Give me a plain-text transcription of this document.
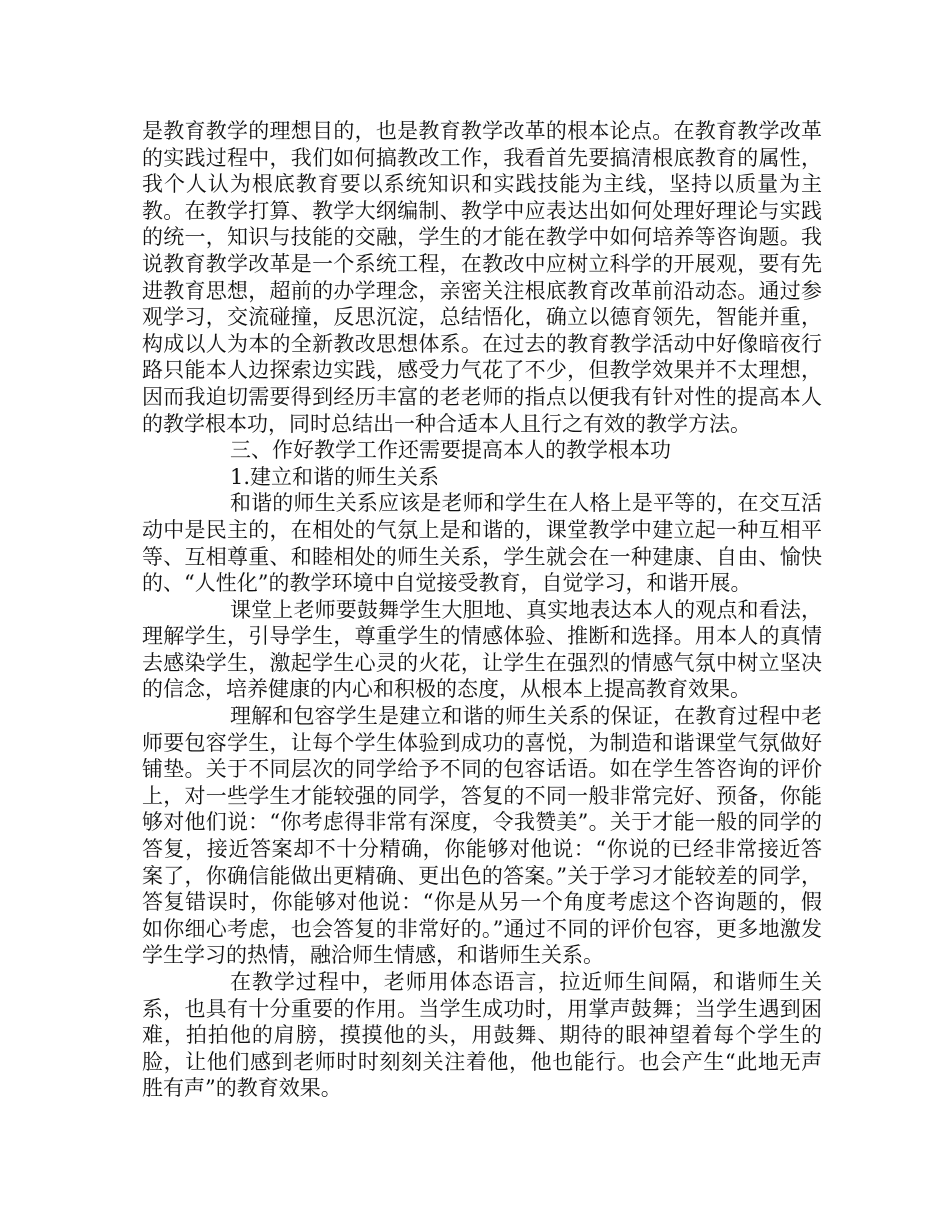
是教育教学的理想目的，也是教育教学改革的根本论点。在教育教学改革的实践过程中，我们如何搞教改工作，我看首先要搞清根底教育的属性，我个人认为根底教育要以系统知识和实践技能为主线，坚持以质量为主教。在教学打算、教学大纲编制、教学中应表达出如何处理好理论与实践的统一，知识与技能的交融，学生的才能在教学中如何培养等咨询题。我说教育教学改革是一个系统工程，在教改中应树立科学的开展观，要有先进教育思想，超前的办学理念，亲密关注根底教育改革前沿动态。通过参观学习，交流碰撞，反思沉淀，总结悟化，确立以德育领先，智能并重，构成以人为本的全新教改思想体系。在过去的教育教学活动中好像暗夜行路只能本人边探索边实践，感受力气花了不少，但教学效果并不太理想，因而我迫切需要得到经历丰富的老老师的指点以便我有针对性的提高本人的教学根本功，同时总结出一种合适本人且行之有效的教学方法。

三、作好教学工作还需要提高本人的教学根本功

1.建立和谐的师生关系

和谐的师生关系应该是老师和学生在人格上是平等的，在交互活动中是民主的，在相处的气氛上是和谐的，课堂教学中建立起一种互相平等、互相尊重、和睦相处的师生关系，学生就会在一种建康、自由、愉快的、“人性化”的教学环境中自觉接受教育，自觉学习，和谐开展。

课堂上老师要鼓舞学生大胆地、真实地表达本人的观点和看法，理解学生，引导学生，尊重学生的情感体验、推断和选择。用本人的真情去感染学生，激起学生心灵的火花，让学生在强烈的情感气氛中树立坚决的信念，培养健康的内心和积极的态度，从根本上提高教育效果。

理解和包容学生是建立和谐的师生关系的保证，在教育过程中老师要包容学生，让每个学生体验到成功的喜悦，为制造和谐课堂气氛做好铺垫。关于不同层次的同学给予不同的包容话语。如在学生答咨询的评价上，对一些学生才能较强的同学，答复的不同一般非常完好、预备，你能够对他们说：“你考虑得非常有深度，令我赞美”。关于才能一般的同学的答复，接近答案却不十分精确，你能够对他说：“你说的已经非常接近答案了，你确信能做出更精确、更出色的答案。”关于学习才能较差的同学，答复错误时，你能够对他说：“你是从另一个角度考虑这个咨询题的，假如你细心考虑，也会答复的非常好的。”通过不同的评价包容，更多地激发学生学习的热情，融洽师生情感，和谐师生关系。

在教学过程中，老师用体态语言，拉近师生间隔，和谐师生关系，也具有十分重要的作用。当学生成功时，用掌声鼓舞；当学生遇到困难，拍拍他的肩膀，摸摸他的头，用鼓舞、期待的眼神望着每个学生的脸，让他们感到老师时时刻刻关注着他，他也能行。也会产生“此地无声胜有声”的教育效果。
